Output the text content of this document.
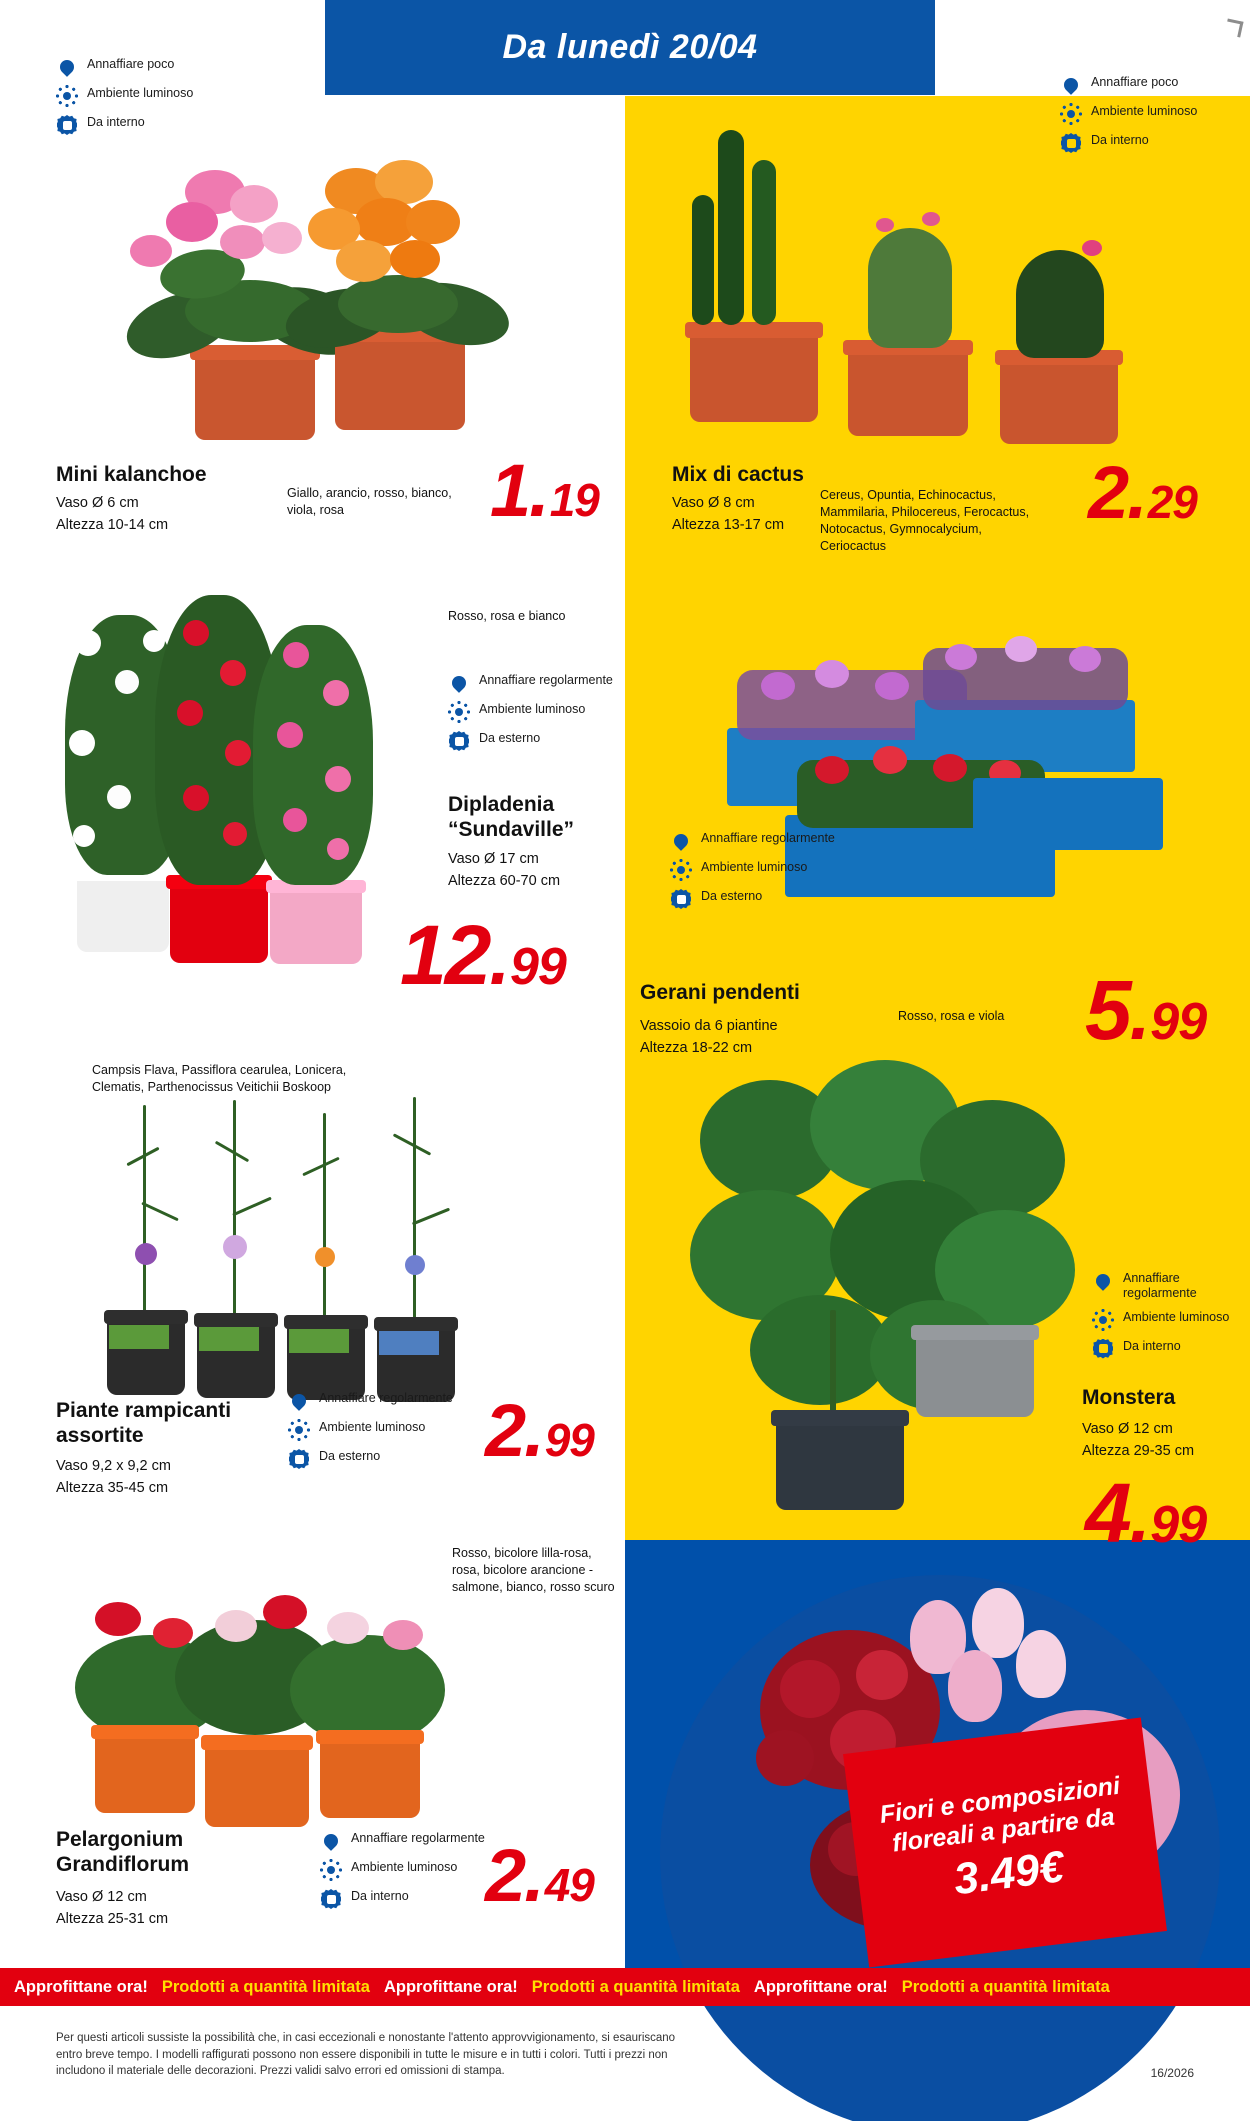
Da lunedì 20/04
Annaffiare poco
Ambiente luminoso
Da interno
Mini kalanchoe
Vaso Ø 6 cm
Altezza 10-14 cm
Giallo, arancio, rosso, bianco, viola, rosa	1.19
Rosso, rosa e bianco
Annaffiare regolarmente
Ambiente luminoso
Da esterno
Dipladenia “Sundaville”
Vaso Ø 17 cm
Altezza 60-70 cm
12.99
Campsis Flava, Passiflora cearulea, Lonicera, Clematis, Parthenocissus Veitichii Boskoop
Piante rampicanti assortite
Vaso 9,2 x 9,2 cm
Altezza 35-45 cm
Annaffiare regolarmente
Ambiente luminoso
Da esterno 2.99
Rosso, bicolore lilla-rosa, rosa, bicolore arancione -salmone, bianco, rosso scuro
Pelargonium Grandiflorum
Vaso Ø 12 cm
Altezza 25-31 cm
Annaffiare regolarmente
Ambiente luminoso
Da interno 2.49
Annaffiare poco
Ambiente luminoso
Da interno
Mix di cactus
Vaso Ø 8 cm
Altezza 13-17 cm
Cereus, Opuntia, Echinocactus, Mammilaria, Philocereus, Ferocactus, Notocactus, Gymnocalycium, Ceriocactus
2.29
Annaffiare regolarmente
Ambiente luminoso
Da esterno
Gerani pendenti
Vassoio da 6 piantine
Altezza 18-22 cm
Rosso, rosa e viola 5.99
Annaffiare regolarmente
Ambiente luminoso
Da interno
Monstera
Vaso Ø 12 cm
Altezza 29-35 cm
4.99
Fiori e composizioni floreali a partire da
3.49€
Approfittane ora! Prodotti a quantità limitata Approfittane ora! Prodotti a quantità limitata Approfittane ora! Prodotti a quantità limitata
Per questi articoli sussiste la possibilità che, in casi eccezionali e nonostante l'attento approvvigionamento, si esauriscano entro breve tempo. I modelli raffigurati possono non essere disponibili in tutte le misure e in tutti i colori. Tutti i prezzi non includono il materiale delle decorazioni. Prezzi validi salvo errori ed omissioni di stampa.	16/2026
